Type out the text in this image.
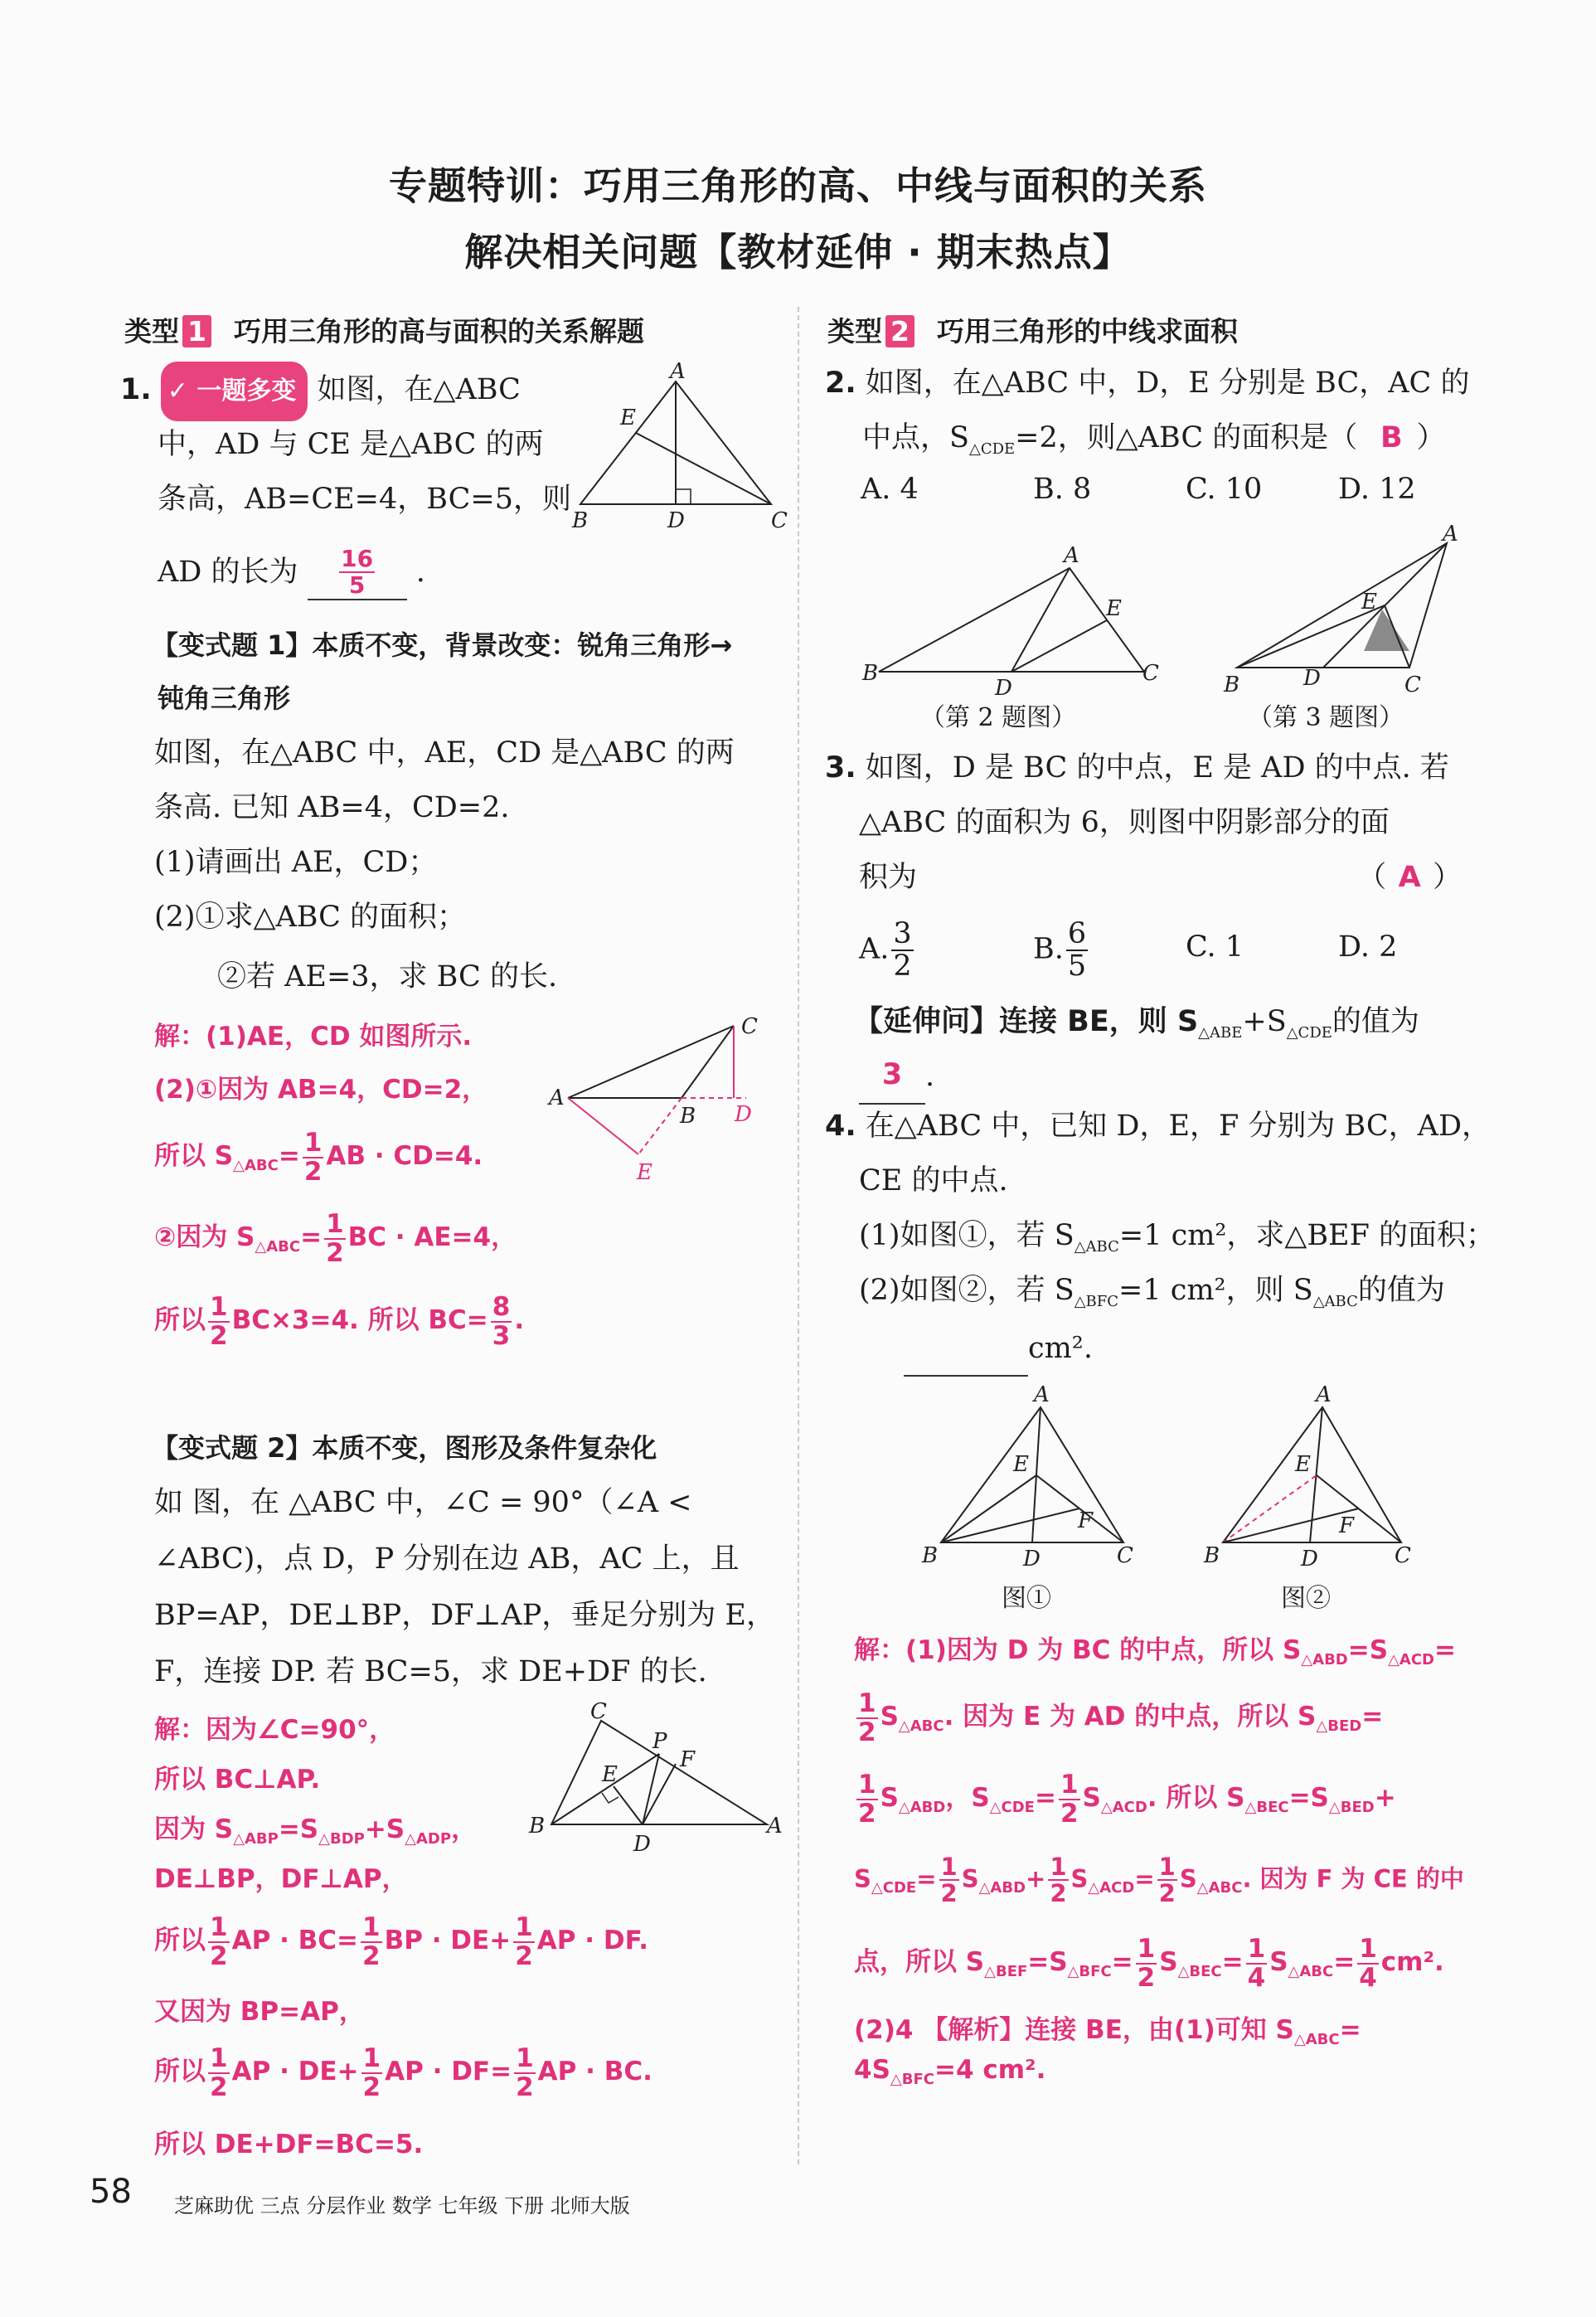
专题特训：巧用三角形的高、中线与面积的关系
解决相关问题【教材延伸 · 期末热点】
类型 1 巧用三角形的高与面积的关系解题	类型 2 巧用三角形的中线求面积
1. ✓ 一题多变 如图，在△ABC
中，AD 与 CE 是△ABC 的两
条高，AB=CE=4，BC=5，则
AD 的长为 $\frac{16}{5}$ .
A
B	C
D
E
【变式题 1】本质不变，背景改变：锐角三角形→
钝角三角形
如图，在△ABC 中，AE，CD 是△ABC 的两
条高. 已知 AB=4，CD=2.
(1)请画出 AE，CD；
(2)①求△ABC 的面积；
②若 AE=3，求 BC 的长.
解：(1)AE，CD 如图所示.
(2)①因为 AB=4，CD=2，
所以 $S_{\triangle ABC}= \frac{1}{2}$ AB · CD=4.
②因为 $S_{\triangle ABC}= \frac{1}{2}$ BC · AE=4，
所以 $\frac{1}{2} BC\times 3=4$. 所以 $BC= \frac{8}{3}$ .
A
B
C
D
E
【变式题 2】本质不变，图形及条件复杂化
如 图，在 △ABC 中，∠C = 90°（∠A <
∠ABC)，点 D，P 分别在边 AB，AC 上，且
BP=AP，DE⊥BP，DF⊥AP，垂足分别为 E，
F，连接 DP. 若 BC=5，求 DE+DF 的长.
解：因为∠C=90°，
所以 BC⊥AP.
因为 $S_{\triangle ABP}=S_{\triangle BDP}+S_{\triangle ADP}$，
DE⊥BP，DF⊥AP，
所以 $\frac{1}{2}$ AP · $BC= \frac{1}{2}$ BP · $DE+ \frac{1}{2}$ AP · DF.
又因为 BP=AP，
所以 $\frac{1}{2}$ AP · $DE+ \frac{1}{2}$ AP · $DF= \frac{1}{2}$ AP · BC.
所以 DE+DF=BC=5.
C
B	A
D
P
E
F
2. 如图，在△ABC 中，D，E 分别是 BC，AC 的
中点，$S_{\triangle CDE}=2$，则△ABC 的面积是（ B ）
A. 4	B. 8	C. 10	D. 12
A
B	C
D
E
（第 2 题图）
A
B	C
D
E
（第 3 题图）
3. 如图，D 是 BC 的中点，E 是 AD 的中点. 若
△ABC 的面积为 6，则图中阴影部分的面
积为	（ A ）
A. $\frac{3}{2}$	B. $\frac{6}{5}$	C. 1	D. 2
【延伸问】连接 BE，则 $S_{\triangle ABE}+S_{\triangle CDE}$的值为
3 .
4. 在△ABC 中，已知 D，E，F 分别为 BC，AD，
CE 的中点.
(1)如图①，若 $S_{\triangle ABC}=1$ cm²，求△BEF 的面积；
(2)如图②，若 $S_{\triangle BFC}=1$ cm²，则 $S_{\triangle ABC}$的值为
cm².
A
B	C
D
E
F
图①
A
B	C
D
E
F
图②
解：(1)因为 D 为 BC 的中点，所以 $S_{\triangle ABD}=S_{\triangle ACD}=$
$\frac{1}{2} S_{\triangle ABC}$. 因为 E 为 AD 的中点，所以 $S_{\triangle BED}=$
$\frac{1}{2} S_{\triangle ABD}$，$S_{\triangle CDE}= \frac{1}{2} S_{\triangle ACD}$. 所以 $S_{\triangle BEC}=S_{\triangle BED}+$
$S_{\triangle CDE}= \frac{1}{2} S_{\triangle ABD}+ \frac{1}{2} S_{\triangle ACD}= \frac{1}{2} S_{\triangle ABC}$. 因为 F 为 CE 的中
点，所以 $S_{\triangle BEF}=S_{\triangle BFC}= \frac{1}{2} S_{\triangle BEC}= \frac{1}{4} S_{\triangle ABC}= \frac{1}{4} cm^2$.
(2)4 【解析】连接 BE，由(1)可知 $S_{\triangle ABC}=$
$4S_{\triangle BFC}=4$ cm².
58 芝麻助优 三点 分层作业 数学 七年级 下册 北师大版
